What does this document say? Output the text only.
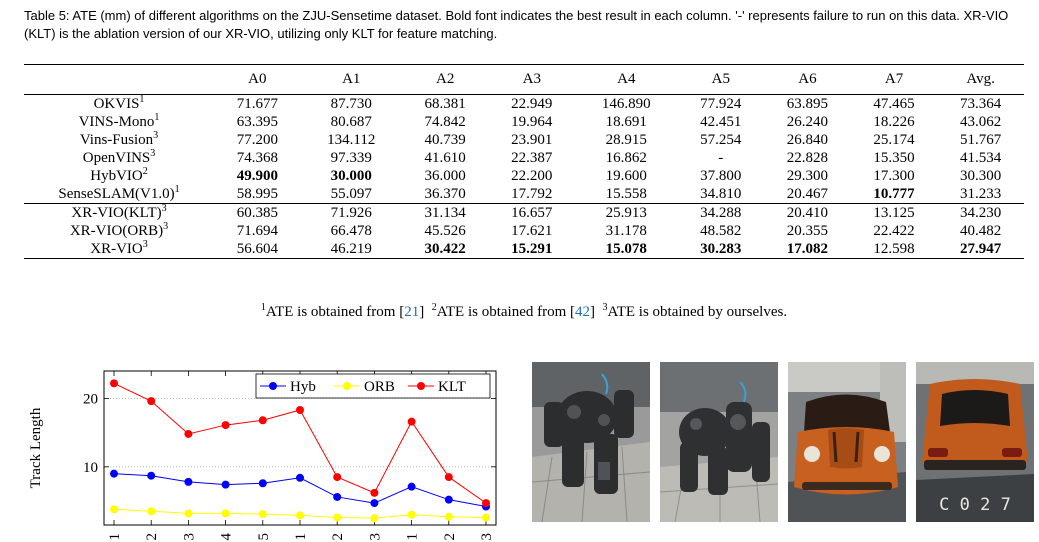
Table 5: ATE (mm) of different algorithms on the ZJU-Sensetime dataset. Bold font indicates the best result in each column. '-' represents failure to run on this data. XR-VIO (KLT) is the ablation version of our XR-VIO, utilizing only KLT for feature matching.
	A0	A1	A2	A3	A4	A5	A6	A7	Avg.
OKVIS$^1$	71.677	87.730	68.381	22.949	146.890	77.924	63.895	47.465	73.364
VINS-Mono$^1$	63.395	80.687	74.842	19.964	18.691	42.451	26.240	18.226	43.062
Vins-Fusion$^3$	77.200	134.112	40.739	23.901	28.915	57.254	26.840	25.174	51.767
OpenVINS$^3$	74.368	97.339	41.610	22.387	16.862	-	22.828	15.350	41.534
HybVIO$^2$	49.900	30.000	36.000	22.200	19.600	37.800	29.300	17.300	30.300
$SenseSLAM(V1.0)^1$	58.995	55.097	36.370	17.792	15.558	34.810	20.467	10.777	31.233
XR-VIO(KLT)$^3$	60.385	71.926	31.134	16.657	25.913	34.288	20.410	13.125	34.230
XR-VIO(ORB)$^3$	71.694	66.478	45.526	17.621	31.178	48.582	20.355	22.422	40.482
XR-VIO$^3$	56.604	46.219	30.422	15.291	15.078	30.283	17.082	12.598	27.947
$^1$ATE is obtained from [21] $^2$ATE is obtained from [42] $^3$ATE is obtained by ourselves.
10
20
1 2 3 4 5 1 2 3 1 2 3
Track Length
Hyb	ORB	KLT
C 0 2 7
